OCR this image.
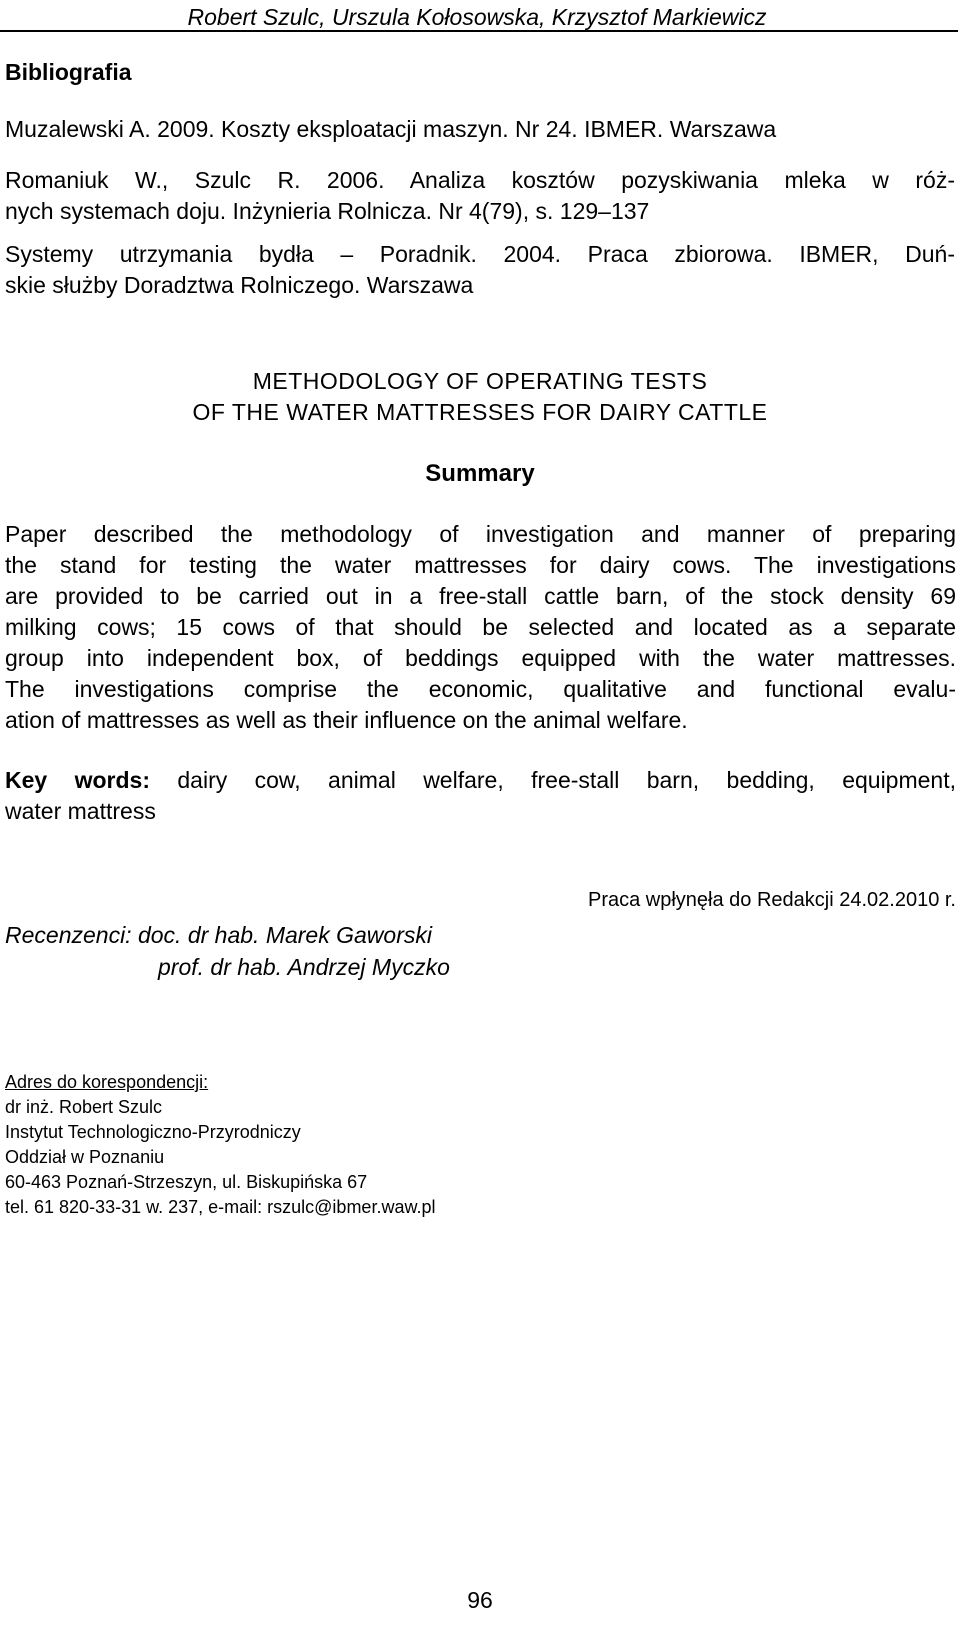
Robert Szulc, Urszula Kołosowska, Krzysztof Markiewicz
Bibliografia
Muzalewski A. 2009. Koszty eksploatacji maszyn. Nr 24. IBMER. Warszawa
Romaniuk W., Szulc R. 2006. Analiza kosztów pozyskiwania mleka w róż-
nych systemach doju. Inżynieria Rolnicza. Nr 4(79), s. 129–137
Systemy utrzymania bydła – Poradnik. 2004. Praca zbiorowa. IBMER, Duń-
skie służby Doradztwa Rolniczego. Warszawa
METHODOLOGY OF OPERATING TESTS
OF THE WATER MATTRESSES FOR DAIRY CATTLE
Summary
Paper described the methodology of investigation and manner of preparing
the stand for testing the water mattresses for dairy cows. The investigations
are provided to be carried out in a free-stall cattle barn, of the stock density 69
milking cows; 15 cows of that should be selected and located as a separate
group into independent box, of beddings equipped with the water mattresses.
The investigations comprise the economic, qualitative and functional evalu-
ation of mattresses as well as their influence on the animal welfare.
Key words: dairy cow, animal welfare, free-stall barn, bedding, equipment,
water mattress
Praca wpłynęła do Redakcji 24.02.2010 r.
Recenzenci: doc. dr hab. Marek Gaworski
prof. dr hab. Andrzej Myczko
Adres do korespondencji:
dr inż. Robert Szulc
Instytut Technologiczno-Przyrodniczy
Oddział w Poznaniu
60-463 Poznań-Strzeszyn, ul. Biskupińska 67
tel. 61 820-33-31 w. 237, e-mail: rszulc@ibmer.waw.pl
96
